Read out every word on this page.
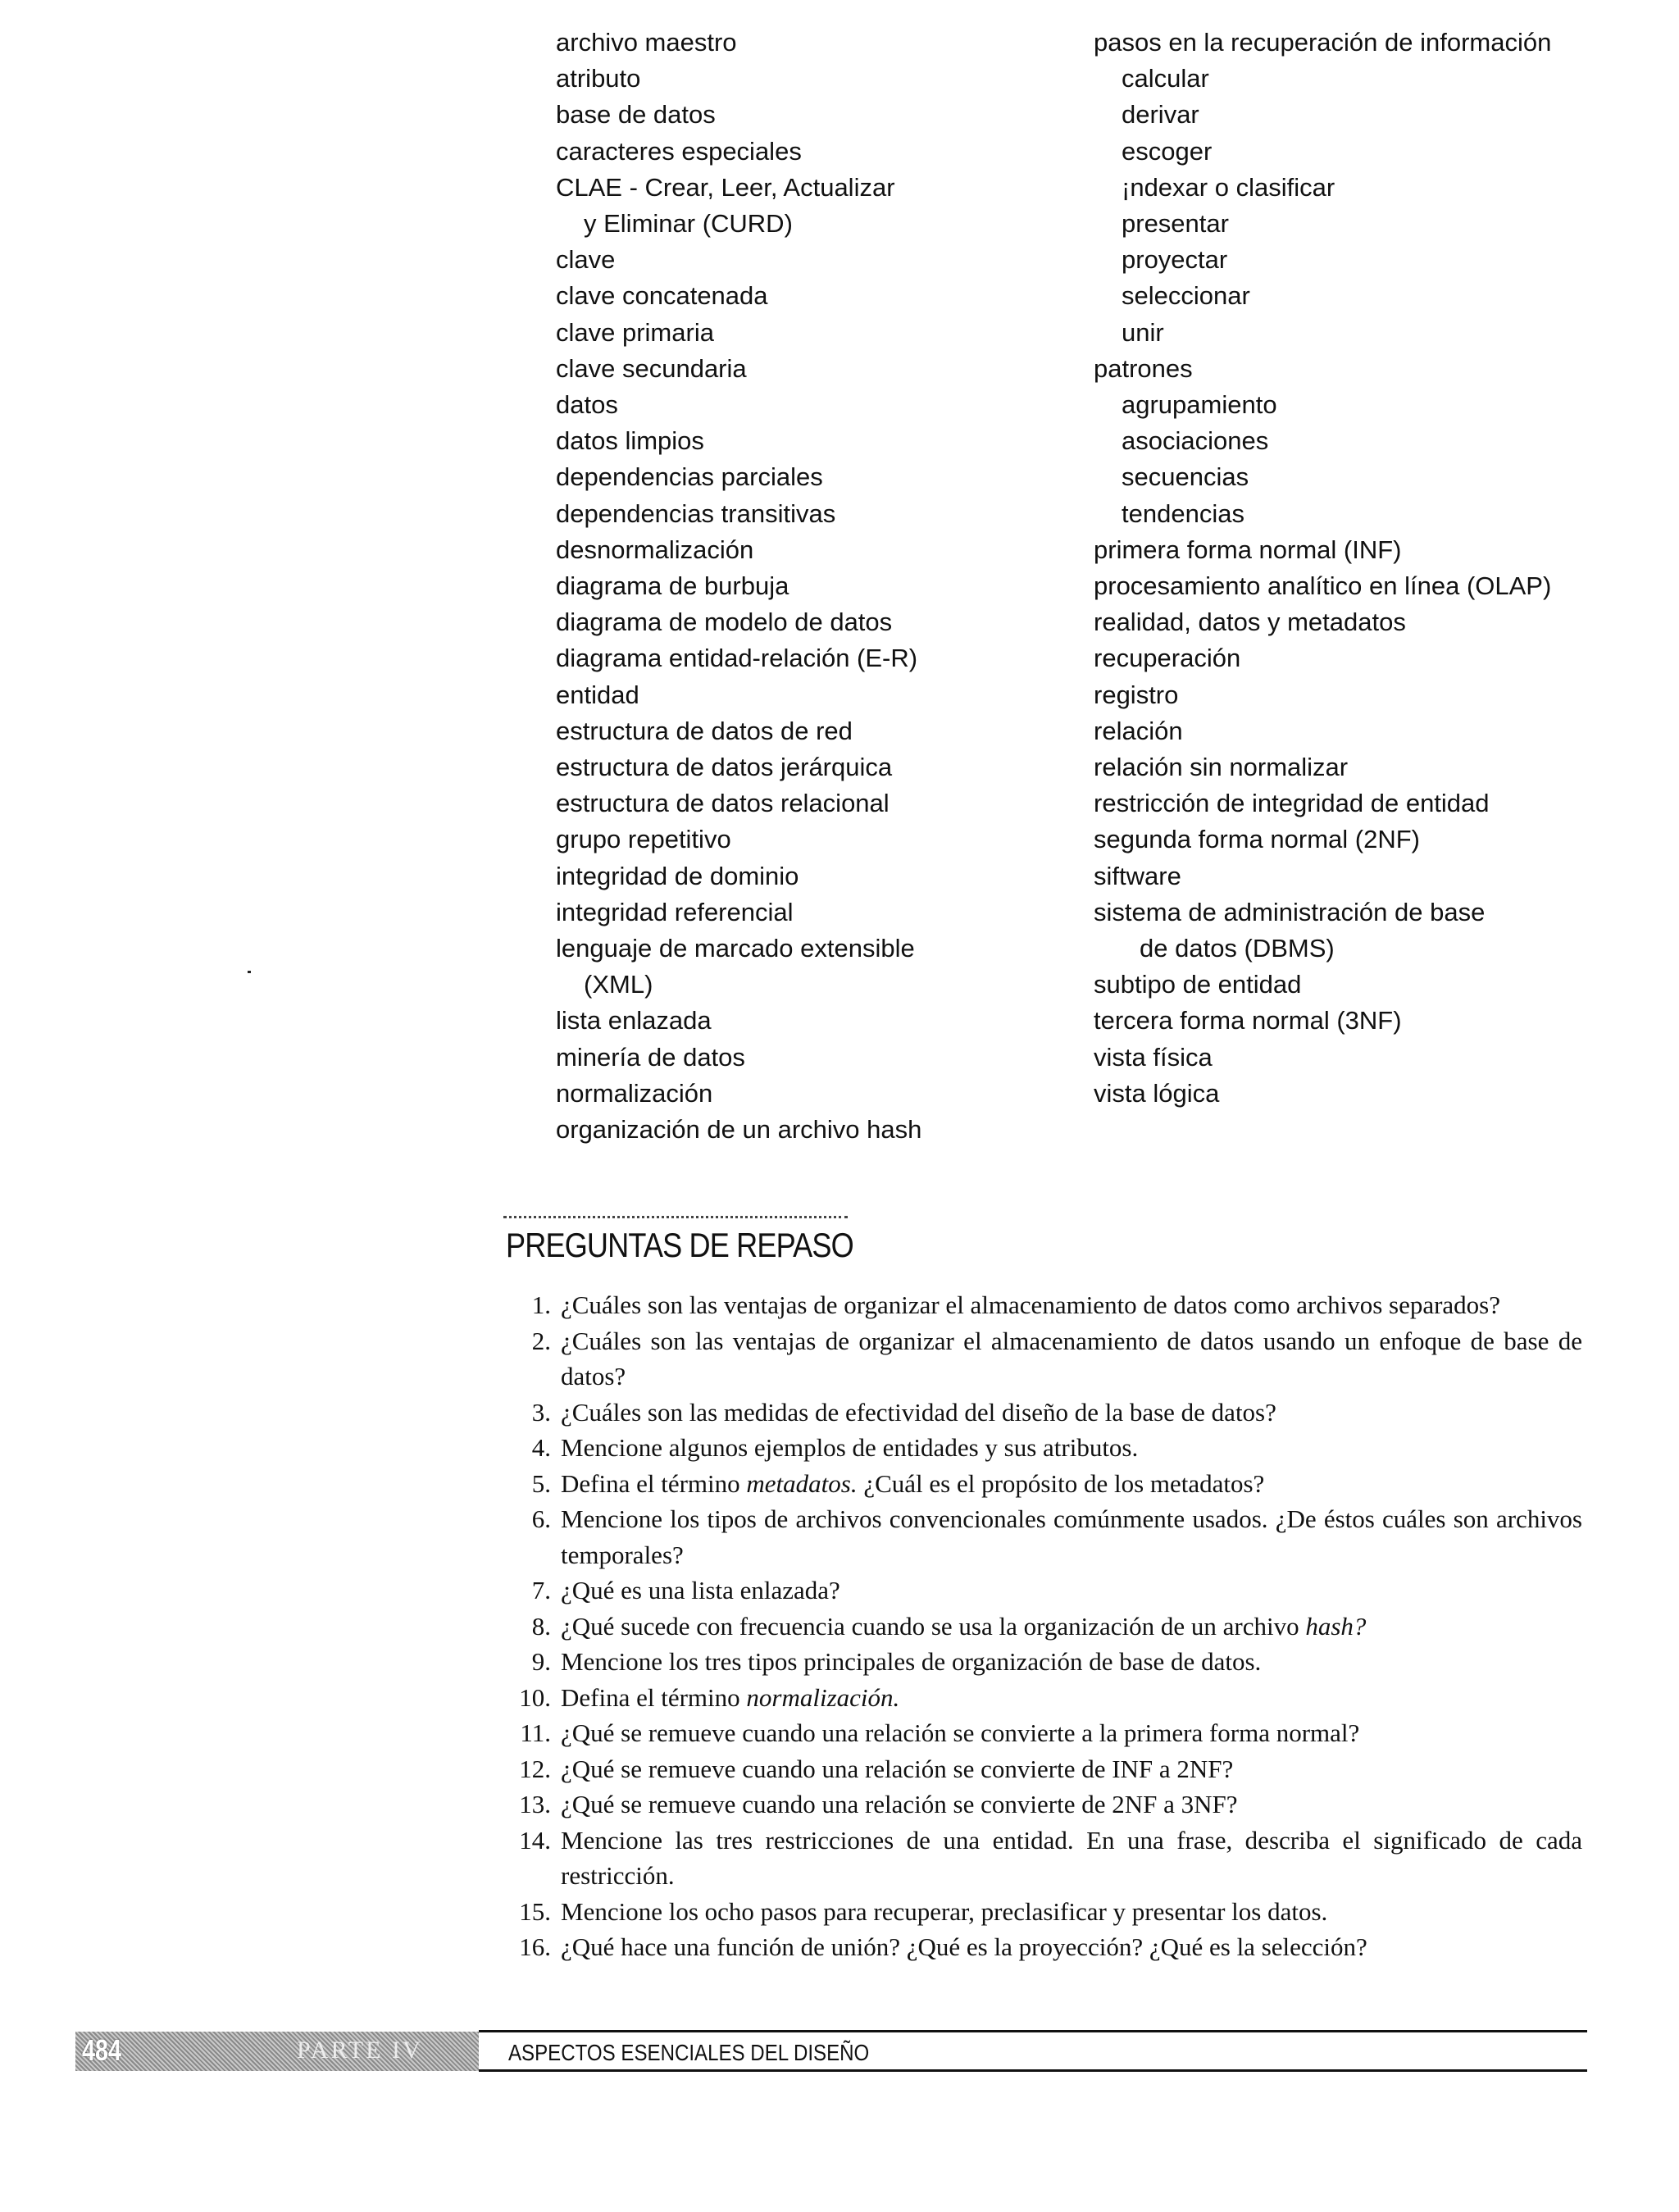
archivo maestro
atributo
base de datos
caracteres especiales
CLAE - Crear, Leer, Actualizar
y Eliminar (CURD)
clave
clave concatenada
clave primaria
clave secundaria
datos
datos limpios
dependencias parciales
dependencias transitivas
desnormalización
diagrama de burbuja
diagrama de modelo de datos
diagrama entidad-relación (E-R)
entidad
estructura de datos de red
estructura de datos jerárquica
estructura de datos relacional
grupo repetitivo
integridad de dominio
integridad referencial
lenguaje de marcado extensible
(XML)
lista enlazada
minería de datos
normalización
organización de un archivo hash
pasos en la recuperación de información
calcular
derivar
escoger
¡ndexar o clasificar
presentar
proyectar
seleccionar
unir
patrones
agrupamiento
asociaciones
secuencias
tendencias
primera forma normal (INF)
procesamiento analítico en línea (OLAP)
realidad, datos y metadatos
recuperación
registro
relación
relación sin normalizar
restricción de integridad de entidad
segunda forma normal (2NF)
siftware
sistema de administración de base
de datos (DBMS)
subtipo de entidad
tercera forma normal (3NF)
vista física
vista lógica
PREGUNTAS DE REPASO
1. ¿Cuáles son las ventajas de organizar el almacenamiento de datos como archivos separados?
2. ¿Cuáles son las ventajas de organizar el almacenamiento de datos usando un enfoque de base de datos?
3. ¿Cuáles son las medidas de efectividad del diseño de la base de datos?
4. Mencione algunos ejemplos de entidades y sus atributos.
5. Defina el término metadatos. ¿Cuál es el propósito de los metadatos?
6. Mencione los tipos de archivos convencionales comúnmente usados. ¿De éstos cuáles son archivos temporales?
7. ¿Qué es una lista enlazada?
8. ¿Qué sucede con frecuencia cuando se usa la organización de un archivo hash?
9. Mencione los tres tipos principales de organización de base de datos.
10. Defina el término normalización.
11. ¿Qué se remueve cuando una relación se convierte a la primera forma normal?
12. ¿Qué se remueve cuando una relación se convierte de INF a 2NF?
13. ¿Qué se remueve cuando una relación se convierte de 2NF a 3NF?
14. Mencione las tres restricciones de una entidad. En una frase, describa el significado de cada restricción.
15. Mencione los ocho pasos para recuperar, preclasificar y presentar los datos.
16. ¿Qué hace una función de unión? ¿Qué es la proyección? ¿Qué es la selección?
484	PARTE IV	ASPECTOS ESENCIALES DEL DISEÑO
